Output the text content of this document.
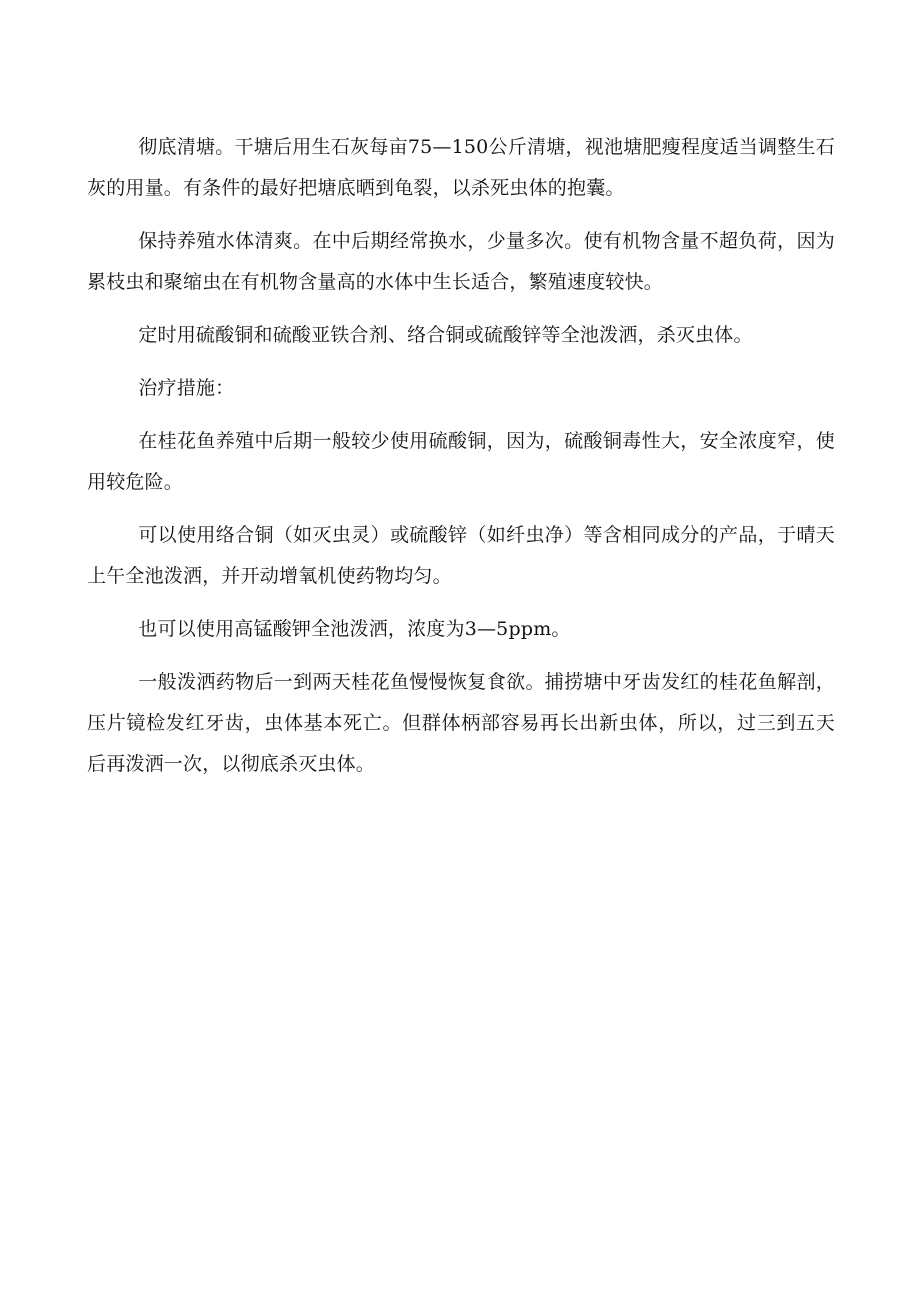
彻底清塘。干塘后用生石灰每亩75—150公斤清塘，视池塘肥瘦程度适当调整生石灰的用量。有条件的最好把塘底晒到龟裂，以杀死虫体的抱囊。

保持养殖水体清爽。在中后期经常换水，少量多次。使有机物含量不超负荷，因为累枝虫和聚缩虫在有机物含量高的水体中生长适合，繁殖速度较快。

定时用硫酸铜和硫酸亚铁合剂、络合铜或硫酸锌等全池泼洒，杀灭虫体。

治疗措施：

在桂花鱼养殖中后期一般较少使用硫酸铜，因为，硫酸铜毒性大，安全浓度窄，使用较危险。

可以使用络合铜（如灭虫灵）或硫酸锌（如纤虫净）等含相同成分的产品，于晴天上午全池泼洒，并开动增氧机使药物均匀。

也可以使用高锰酸钾全池泼洒，浓度为3—5ppm。

一般泼洒药物后一到两天桂花鱼慢慢恢复食欲。捕捞塘中牙齿发红的桂花鱼解剖，压片镜检发红牙齿，虫体基本死亡。但群体柄部容易再长出新虫体，所以，过三到五天后再泼洒一次，以彻底杀灭虫体。
